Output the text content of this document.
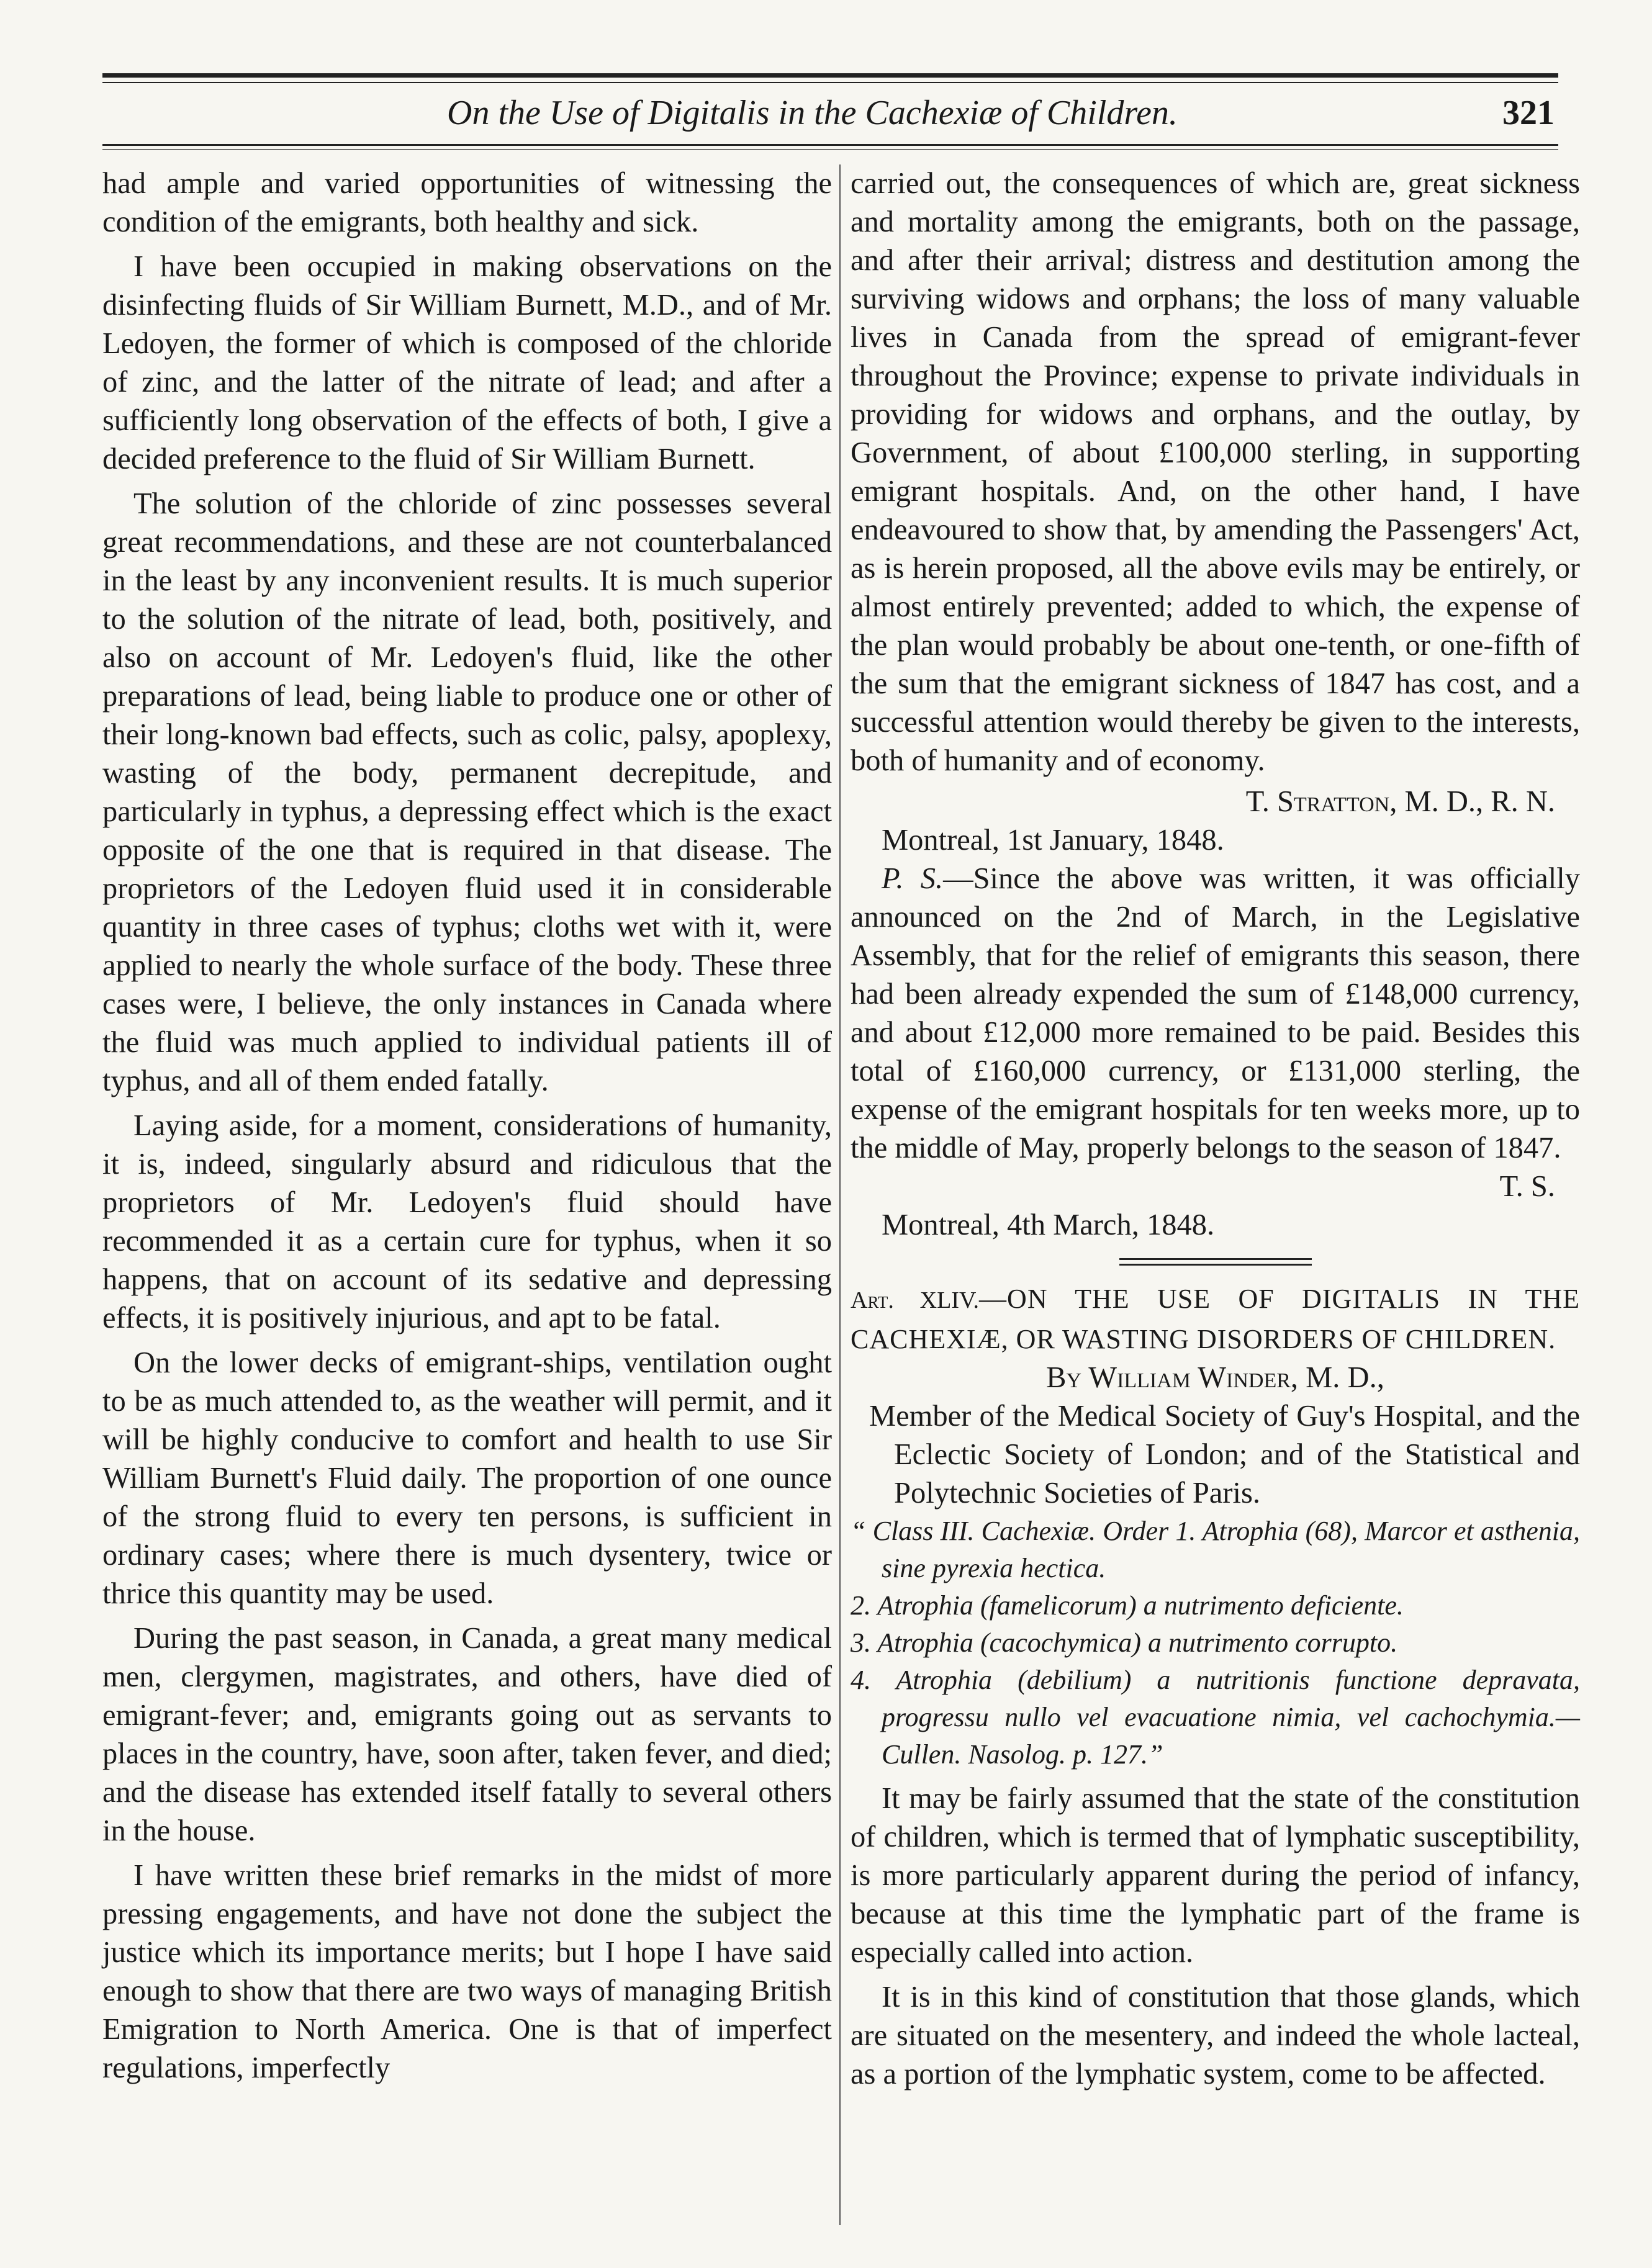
On the Use of Digitalis in the Cachexiæ of Children.	321

had ample and varied opportunities of witnessing the condition of the emigrants, both healthy and sick.

I have been occupied in making observations on the disinfecting fluids of Sir William Burnett, M.D., and of Mr. Ledoyen, the former of which is composed of the chloride of zinc, and the latter of the nitrate of lead; and after a sufficiently long observation of the effects of both, I give a decided preference to the fluid of Sir William Burnett.

The solution of the chloride of zinc possesses several great recommendations, and these are not counterbalanced in the least by any inconvenient results. It is much superior to the solution of the nitrate of lead, both, positively, and also on account of Mr. Ledoyen's fluid, like the other preparations of lead, being liable to produce one or other of their long-known bad effects, such as colic, palsy, apoplexy, wasting of the body, permanent decrepitude, and particularly in typhus, a depressing effect which is the exact opposite of the one that is required in that disease. The proprietors of the Ledoyen fluid used it in considerable quantity in three cases of typhus; cloths wet with it, were applied to nearly the whole surface of the body. These three cases were, I believe, the only instances in Canada where the fluid was much applied to individual patients ill of typhus, and all of them ended fatally.

Laying aside, for a moment, considerations of humanity, it is, indeed, singularly absurd and ridiculous that the proprietors of Mr. Ledoyen's fluid should have recommended it as a certain cure for typhus, when it so happens, that on account of its sedative and depressing effects, it is positively injurious, and apt to be fatal.

On the lower decks of emigrant-ships, ventilation ought to be as much attended to, as the weather will permit, and it will be highly conducive to comfort and health to use Sir William Burnett's Fluid daily. The proportion of one ounce of the strong fluid to every ten persons, is sufficient in ordinary cases; where there is much dysentery, twice or thrice this quantity may be used.

During the past season, in Canada, a great many medical men, clergymen, magistrates, and others, have died of emigrant-fever; and, emigrants going out as servants to places in the country, have, soon after, taken fever, and died; and the disease has extended itself fatally to several others in the house.

I have written these brief remarks in the midst of more pressing engagements, and have not done the subject the justice which its importance merits; but I hope I have said enough to show that there are two ways of managing British Emigration to North America. One is that of imperfect regulations, imperfectly

carried out, the consequences of which are, great sickness and mortality among the emigrants, both on the passage, and after their arrival; distress and destitution among the surviving widows and orphans; the loss of many valuable lives in Canada from the spread of emigrant-fever throughout the Province; expense to private individuals in providing for widows and orphans, and the outlay, by Government, of about £100,000 sterling, in supporting emigrant hospitals. And, on the other hand, I have endeavoured to show that, by amending the Passengers' Act, as is herein proposed, all the above evils may be entirely, or almost entirely prevented; added to which, the expense of the plan would probably be about one-tenth, or one-fifth of the sum that the emigrant sickness of 1847 has cost, and a successful attention would thereby be given to the interests, both of humanity and of economy.

T. Stratton, M. D., R. N.
Montreal, 1st January, 1848.

P. S.—Since the above was written, it was officially announced on the 2nd of March, in the Legislative Assembly, that for the relief of emigrants this season, there had been already expended the sum of £148,000 currency, and about £12,000 more remained to be paid. Besides this total of £160,000 currency, or £131,000 sterling, the expense of the emigrant hospitals for ten weeks more, up to the middle of May, properly belongs to the season of 1847.

T. S.
Montreal, 4th March, 1848.

Art. XLIV.—ON THE USE OF DIGITALIS IN THE CACHEXIÆ, OR WASTING DISORDERS OF CHILDREN.

By William Winder, M. D.,

Member of the Medical Society of Guy's Hospital, and the Eclectic Society of London; and of the Statistical and Polytechnic Societies of Paris.

“ Class III. Cachexiæ. Order 1. Atrophia (68), Marcor et asthenia, sine pyrexia hectica.

2. Atrophia (famelicorum) a nutrimento deficiente.

3. Atrophia (cacochymica) a nutrimento corrupto.

4. Atrophia (debilium) a nutritionis functione depravata, progressu nullo vel evacuatione nimia, vel cachochymia.— Cullen. Nasolog. p. 127.”

It may be fairly assumed that the state of the constitution of children, which is termed that of lymphatic susceptibility, is more particularly apparent during the period of infancy, because at this time the lymphatic part of the frame is especially called into action.

It is in this kind of constitution that those glands, which are situated on the mesentery, and indeed the whole lacteal, as a portion of the lymphatic system, come to be affected.
